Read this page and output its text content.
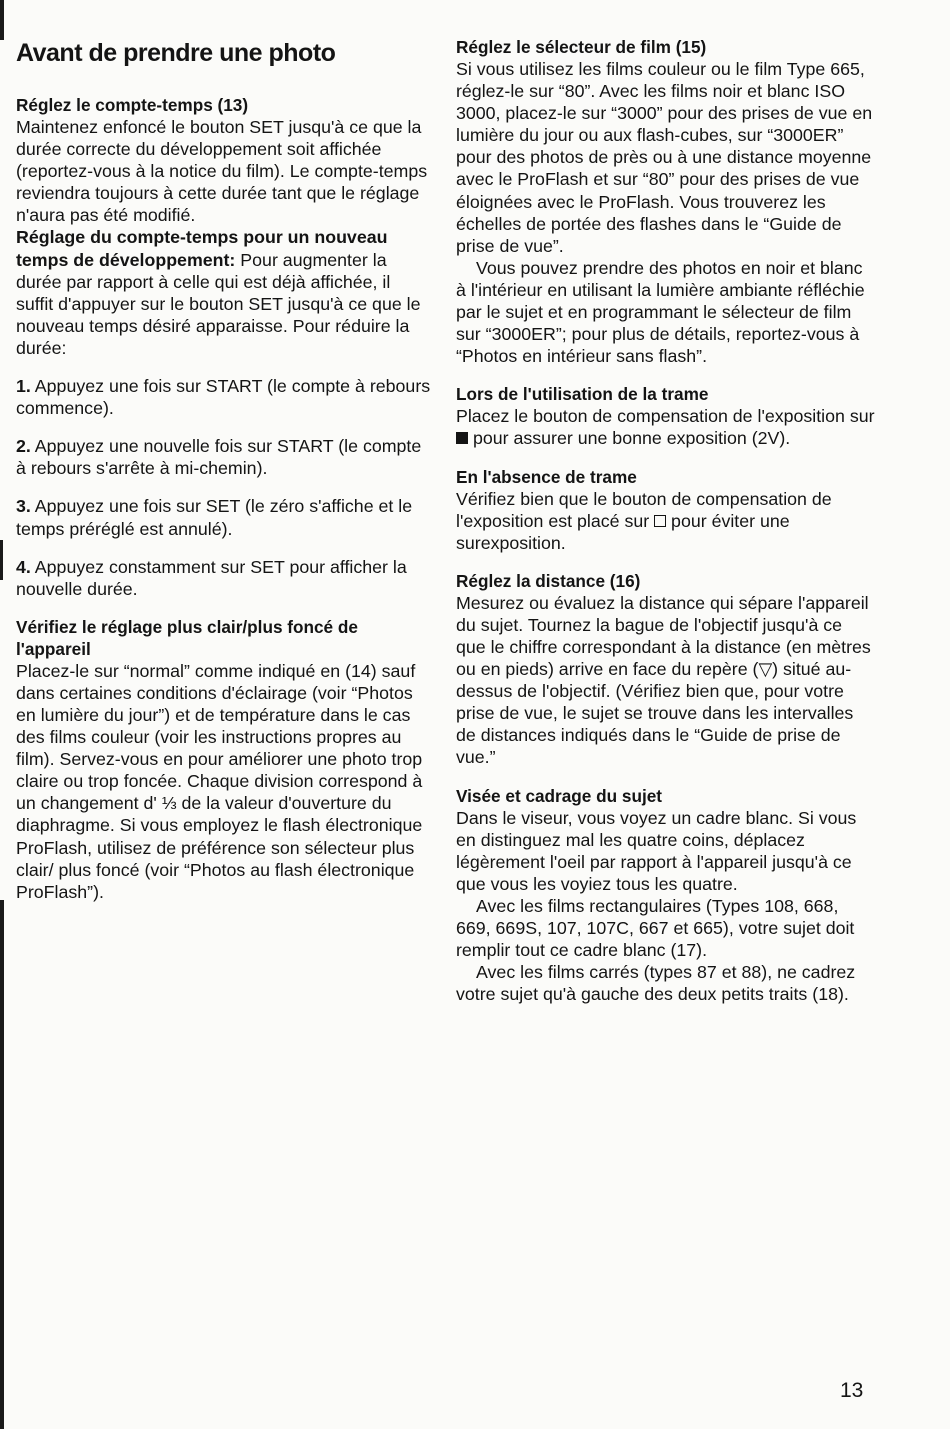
Avant de prendre une photo
Réglez le compte-temps (13)

Maintenez enfoncé le bouton SET jusqu'à ce que la durée correcte du développement soit affichée (reportez-vous à la notice du film). Le compte-temps reviendra toujours à cette durée tant que le réglage n'aura pas été modifié.

Réglage du compte-temps pour un nouveau temps de développement: Pour augmenter la durée par rapport à celle qui est déjà affichée, il suffit d'appuyer sur le bouton SET jusqu'à ce que le nouveau temps désiré apparaisse. Pour réduire la durée:

1. Appuyez une fois sur START (le compte à rebours commence).

2. Appuyez une nouvelle fois sur START (le compte à rebours s'arrête à mi-chemin).

3. Appuyez une fois sur SET (le zéro s'affiche et le temps préréglé est annulé).

4. Appuyez constamment sur SET pour afficher la nouvelle durée.

Vérifiez le réglage plus clair/plus foncé de l'appareil

Placez-le sur “normal” comme indiqué en (14) sauf dans certaines conditions d'éclairage (voir “Photos en lumière du jour”) et de température dans le cas des films couleur (voir les instructions propres au film). Servez-vous en pour améliorer une photo trop claire ou trop foncée. Chaque division correspond à un changement d' ⅓ de la valeur d'ouverture du diaphragme. Si vous employez le flash électronique ProFlash, utilisez de préférence son sélecteur plus clair/ plus foncé (voir “Photos au flash électronique ProFlash”).

Réglez le sélecteur de film (15)

Si vous utilisez les films couleur ou le film Type 665, réglez-le sur “80”. Avec les films noir et blanc ISO 3000, placez-le sur “3000” pour des prises de vue en lumière du jour ou aux flash-cubes, sur “3000ER” pour des photos de près ou à une distance moyenne avec le ProFlash et sur “80” pour des prises de vue éloignées avec le ProFlash. Vous trouverez les échelles de portée des flashes dans le “Guide de prise de vue”.

Vous pouvez prendre des photos en noir et blanc à l'intérieur en utilisant la lumière ambiante réfléchie par le sujet et en programmant le sélecteur de film sur “3000ER”; pour plus de détails, reportez-vous à “Photos en intérieur sans flash”.

Lors de l'utilisation de la trame

Placez le bouton de compensation de l'exposition sur  pour assurer une bonne exposition (2V).

En l'absence de trame

Vérifiez bien que le bouton de compensation de l'exposition est placé sur  pour éviter une surexposition.

Réglez la distance (16)

Mesurez ou évaluez la distance qui sépare l'appareil du sujet. Tournez la bague de l'objectif jusqu'à ce que le chiffre correspondant à la distance (en mètres ou en pieds) arrive en face du repère (▽) situé au-dessus de l'objectif. (Vérifiez bien que, pour votre prise de vue, le sujet se trouve dans les intervalles de distances indiqués dans le “Guide de prise de vue.”

Visée et cadrage du sujet

Dans le viseur, vous voyez un cadre blanc. Si vous en distinguez mal les quatre coins, déplacez légèrement l'oeil par rapport à l'appareil jusqu'à ce que vous les voyiez tous les quatre.

Avec les films rectangulaires (Types 108, 668, 669, 669S, 107, 107C, 667 et 665), votre sujet doit remplir tout ce cadre blanc (17).

Avec les films carrés (types 87 et 88), ne cadrez votre sujet qu'à gauche des deux petits traits (18).

13
